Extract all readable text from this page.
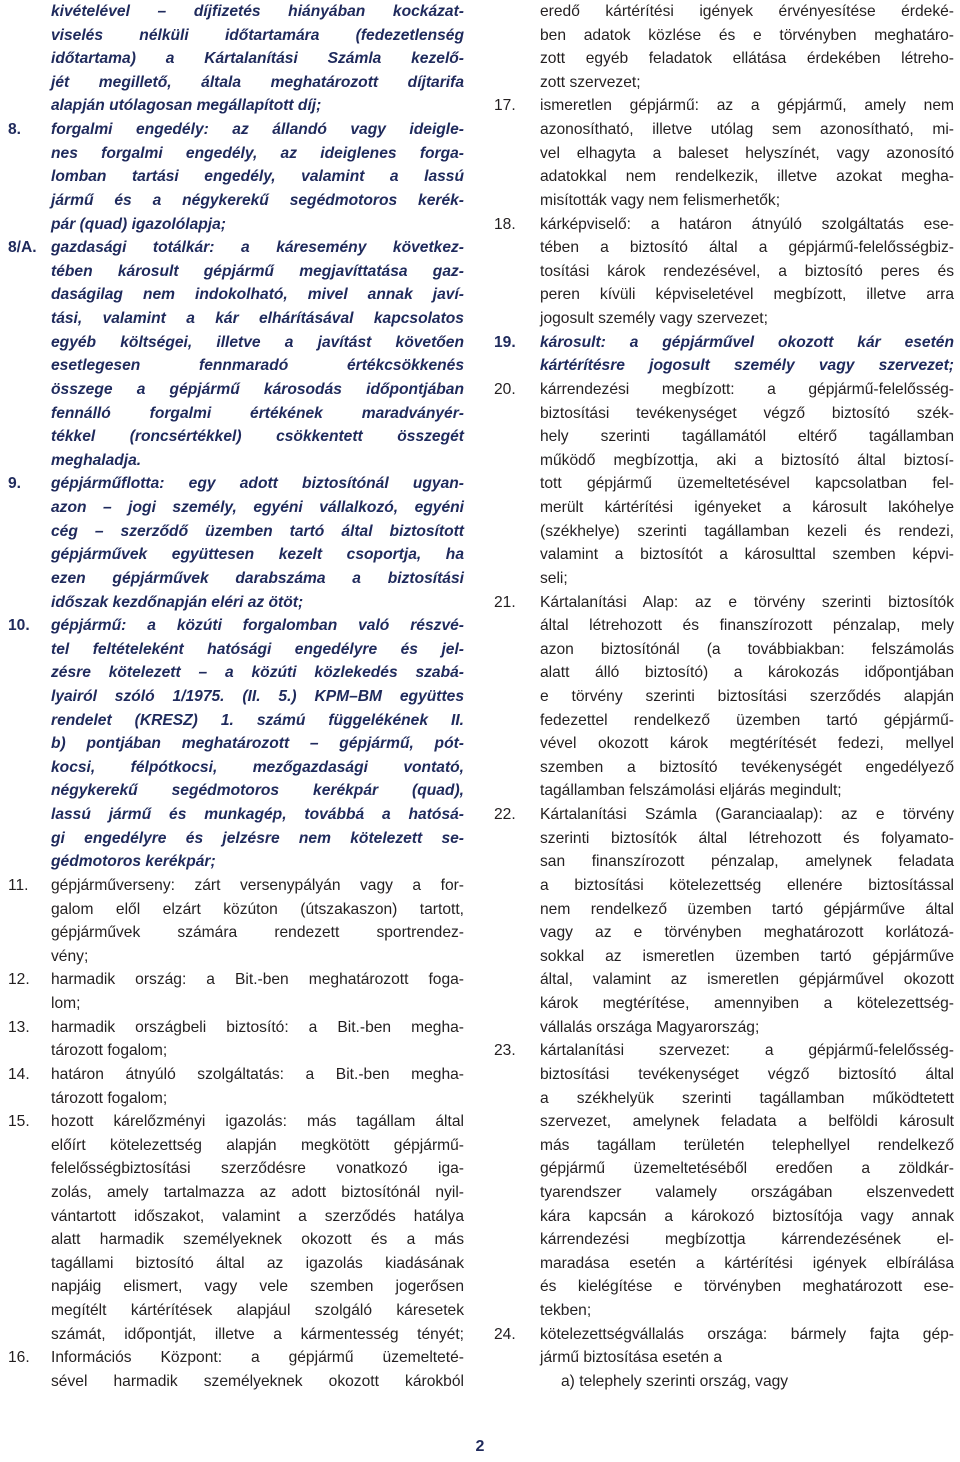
kivételével – díjfizetés hiányában kockázat-
viselés nélküli időtartamára (fedezetlenség
időtartama) a Kártalanítási Számla kezelő-
jét megillető, általa meghatározott díjtarifa
alapján utólagosan megállapított díj;
8. forgalmi engedély: az állandó vagy ideigle-
nes forgalmi engedély, az ideiglenes forga-
lomban tartási engedély, valamint a lassú
jármű és a négykerekű segédmotoros kerék-
pár (quad) igazolólapja;
8/A. gazdasági totálkár: a káresemény következ-
tében károsult gépjármű megjavíttatása gaz-
daságilag nem indokolható, mivel annak javí-
tási, valamint a kár elhárításával kapcsolatos
egyéb költségei, illetve a javítást követően
esetlegesen fennmaradó értékcsökkenés
összege a gépjármű károsodás időpontjában
fennálló forgalmi értékének maradványér-
tékkel (roncsértékkel) csökkentett összegét
meghaladja.
9. gépjárműflotta: egy adott biztosítónál ugyan-
azon – jogi személy, egyéni vállalkozó, egyéni
cég – szerződő üzemben tartó által biztosított
gépjárművek együttesen kezelt csoportja, ha
ezen gépjárművek darabszáma a biztosítási
időszak kezdőnapján eléri az ötöt;
10. gépjármű: a közúti forgalomban való részvé-
tel feltételeként hatósági engedélyre és jel-
zésre kötelezett – a közúti közlekedés szabá-
lyairól szóló 1/1975. (II. 5.) KPM–BM együttes
rendelet (KRESZ) 1. számú függelékének II.
b) pontjában meghatározott – gépjármű, pót-
kocsi, félpótkocsi, mezőgazdasági vontató,
négykerekű segédmotoros kerékpár (quad),
lassú jármű és munkagép, továbbá a hatósá-
gi engedélyre és jelzésre nem kötelezett se-
gédmotoros kerékpár;
11. gépjárműverseny: zárt versenypályán vagy a for-
galom elől elzárt közúton (útszakaszon) tartott,
gépjárművek számára rendezett sportrendez-
vény;
12. harmadik ország: a Bit.-ben meghatározott foga-
lom;
13. harmadik országbeli biztosító: a Bit.-ben megha-
tározott fogalom;
14. határon átnyúló szolgáltatás: a Bit.-ben megha-
tározott fogalom;
15. hozott kárelőzményi igazolás: más tagállam által
előírt kötelezettség alapján megkötött gépjármű-
felelősségbiztosítási szerződésre vonatkozó iga-
zolás, amely tartalmazza az adott biztosítónál nyil-
vántartott időszakot, valamint a szerződés hatálya
alatt harmadik személyeknek okozott és a más
tagállami biztosító által az igazolás kiadásának
napjáig elismert, vagy vele szemben jogerősen
megítélt kártérítések alapjául szolgáló káresetek
számát, időpontját, illetve a kármentesség tényét;
16. Információs Központ: a gépjármű üzemelteté-
sével harmadik személyeknek okozott károkból
eredő kártérítési igények érvényesítése érdeké-
ben adatok közlése és e törvényben meghatáro-
zott egyéb feladatok ellátása érdekében létreho-
zott szervezet;
17. ismeretlen gépjármű: az a gépjármű, amely nem
azonosítható, illetve utólag sem azonosítható, mi-
vel elhagyta a baleset helyszínét, vagy azonosító
adatokkal nem rendelkezik, illetve azokat megha-
misították vagy nem felismerhetők;
18. kárképviselő: a határon átnyúló szolgáltatás ese-
tében a biztosító által a gépjármű-felelősségbiz-
tosítási károk rendezésével, a biztosító peres és
peren kívüli képviseletével megbízott, illetve arra
jogosult személy vagy szervezet;
19. károsult: a gépjárművel okozott kár esetén
kártérítésre jogosult személy vagy szervezet;
20. kárrendezési megbízott: a gépjármű-felelősség-
biztosítási tevékenységet végző biztosító szék-
hely szerinti tagállamától eltérő tagállamban
működő megbízottja, aki a biztosító által biztosí-
tott gépjármű üzemeltetésével kapcsolatban fel-
merült kártérítési igényeket a károsult lakóhelye
(székhelye) szerinti tagállamban kezeli és rendezi,
valamint a biztosítót a károsulttal szemben képvi-
seli;
21. Kártalanítási Alap: az e törvény szerinti biztosítók
által létrehozott és finanszírozott pénzalap, mely
azon biztosítónál (a továbbiakban: felszámolás
alatt álló biztosító) a károkozás időpontjában
e törvény szerinti biztosítási szerződés alapján
fedezettel rendelkező üzemben tartó gépjármű-
vével okozott károk megtérítését fedezi, mellyel
szemben a biztosító tevékenységét engedélyező
tagállamban felszámolási eljárás megindult;
22. Kártalanítási Számla (Garanciaalap): az e törvény
szerinti biztosítók által létrehozott és folyamato-
san finanszírozott pénzalap, amelynek feladata
a biztosítási kötelezettség ellenére biztosítással
nem rendelkező üzemben tartó gépjárműve által
vagy az e törvényben meghatározott korlátozá-
sokkal az ismeretlen üzemben tartó gépjárműve
által, valamint az ismeretlen gépjárművel okozott
károk megtérítése, amennyiben a kötelezettség-
vállalás országa Magyarország;
23. kártalanítási szervezet: a gépjármű-felelősség-
biztosítási tevékenységet végző biztosító által
a székhelyük szerinti tagállamban működtetett
szervezet, amelynek feladata a belföldi károsult
más tagállam területén telephellyel rendelkező
gépjármű üzemeltetéséből eredően a zöldkár-
tyarendszer valamely országában elszenvedett
kára kapcsán a károkozó biztosítója vagy annak
kárrendezési megbízottja kárrendezésének el-
maradása esetén a kártérítési igények elbírálása
és kielégítése e törvényben meghatározott ese-
tekben;
24. kötelezettségvállalás országa: bármely fajta gép-
jármű biztosítása esetén a
a) telephely szerinti ország, vagy
2
